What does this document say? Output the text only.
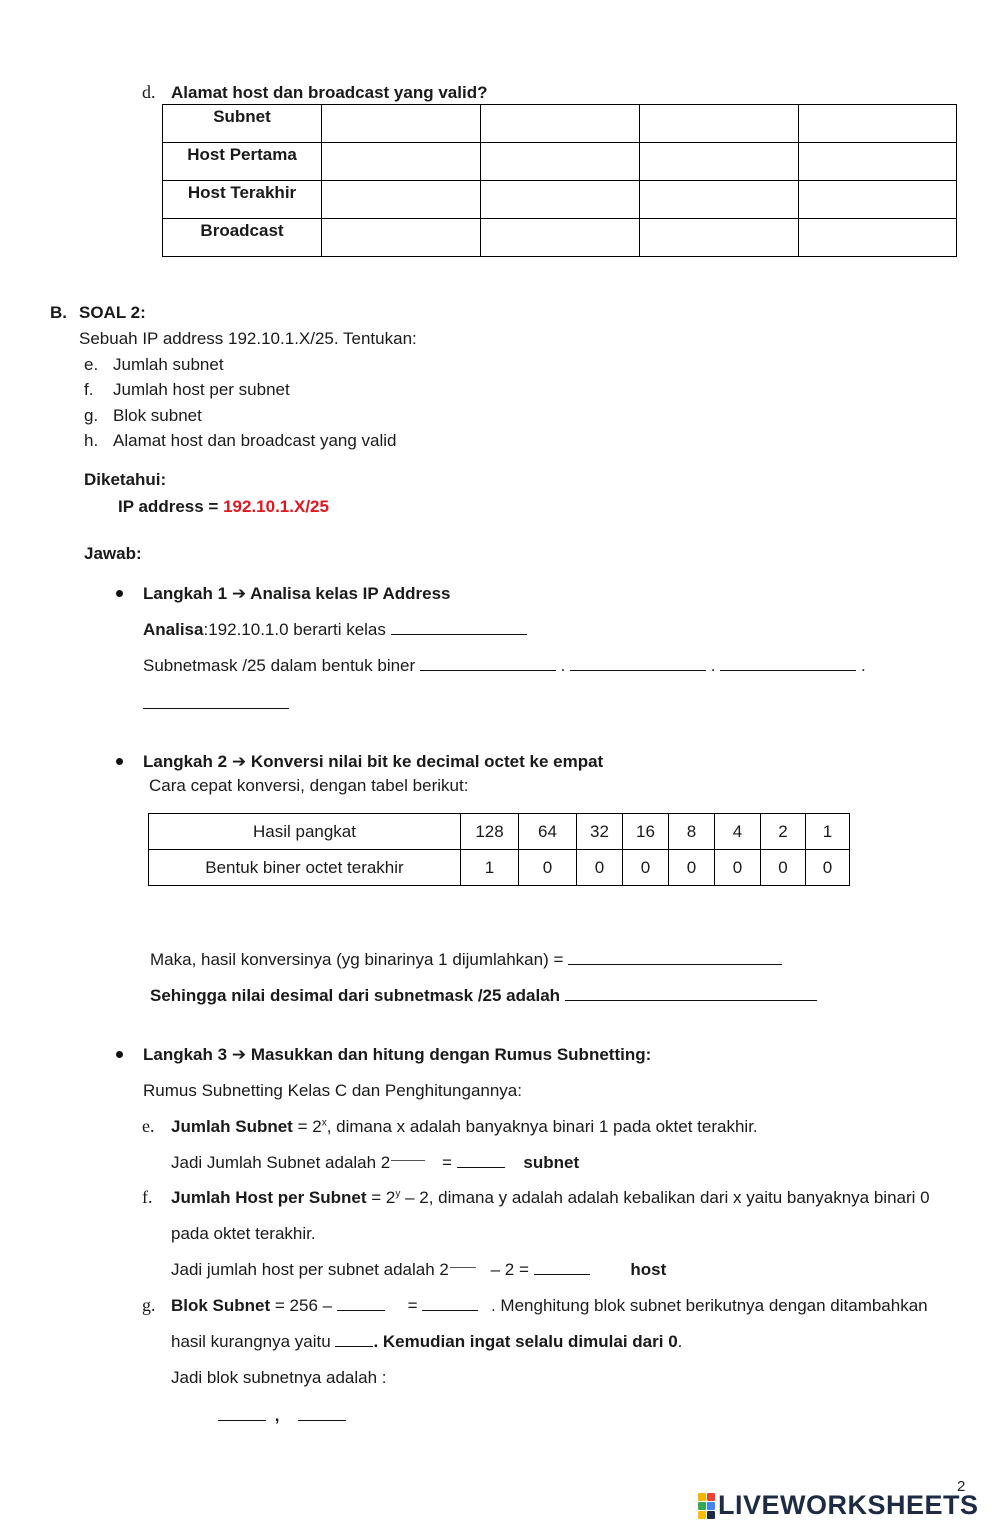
d. Alamat host dan broadcast yang valid?
Subnet				
Host Pertama				
Host Terakhir				
Broadcast				
B. SOAL 2:
Sebuah IP address 192.10.1.X/25. Tentukan:
e. Jumlah subnet
f. Jumlah host per subnet
g. Blok subnet
h. Alamat host dan broadcast yang valid
Diketahui:
IP address = 192.10.1.X/25
Jawab:
Langkah 1 ➔ Analisa kelas IP Address
Analisa:192.10.1.0 berarti kelas
Subnetmask /25 dalam bentuk biner	.	.	.
Langkah 2 ➔ Konversi nilai bit ke decimal octet ke empat
Cara cepat konversi, dengan tabel berikut:
Hasil pangkat	128	64	32	16	8	4	2	1
Bentuk biner octet terakhir	1	0	0	0	0	0	0	0
Maka, hasil konversinya (yg binarinya 1 dijumlahkan) =
Sehingga nilai desimal dari subnetmask /25 adalah
Langkah 3 ➔ Masukkan dan hitung dengan Rumus Subnetting:
Rumus Subnetting Kelas C dan Penghitungannya:
e. Jumlah Subnet = $2^x$, dimana x adalah banyaknya binari 1 pada oktet terakhir.
Jadi Jumlah Subnet adalah 2	=	subnet
f. Jumlah Host per Subnet = $2^y - 2$, dimana y adalah adalah kebalikan dari x yaitu banyaknya binari 0
pada oktet terakhir.
Jadi jumlah host per subnet adalah 2 – 2 =	host
g. Blok Subnet = 256 –	=	. Menghitung blok subnet berikutnya dengan ditambahkan
hasil kurangnya yaitu	. Kemudian ingat selalu dimulai dari 0.
Jadi blok subnetnya adalah :
,
2
LIVEWORKSHEETS
